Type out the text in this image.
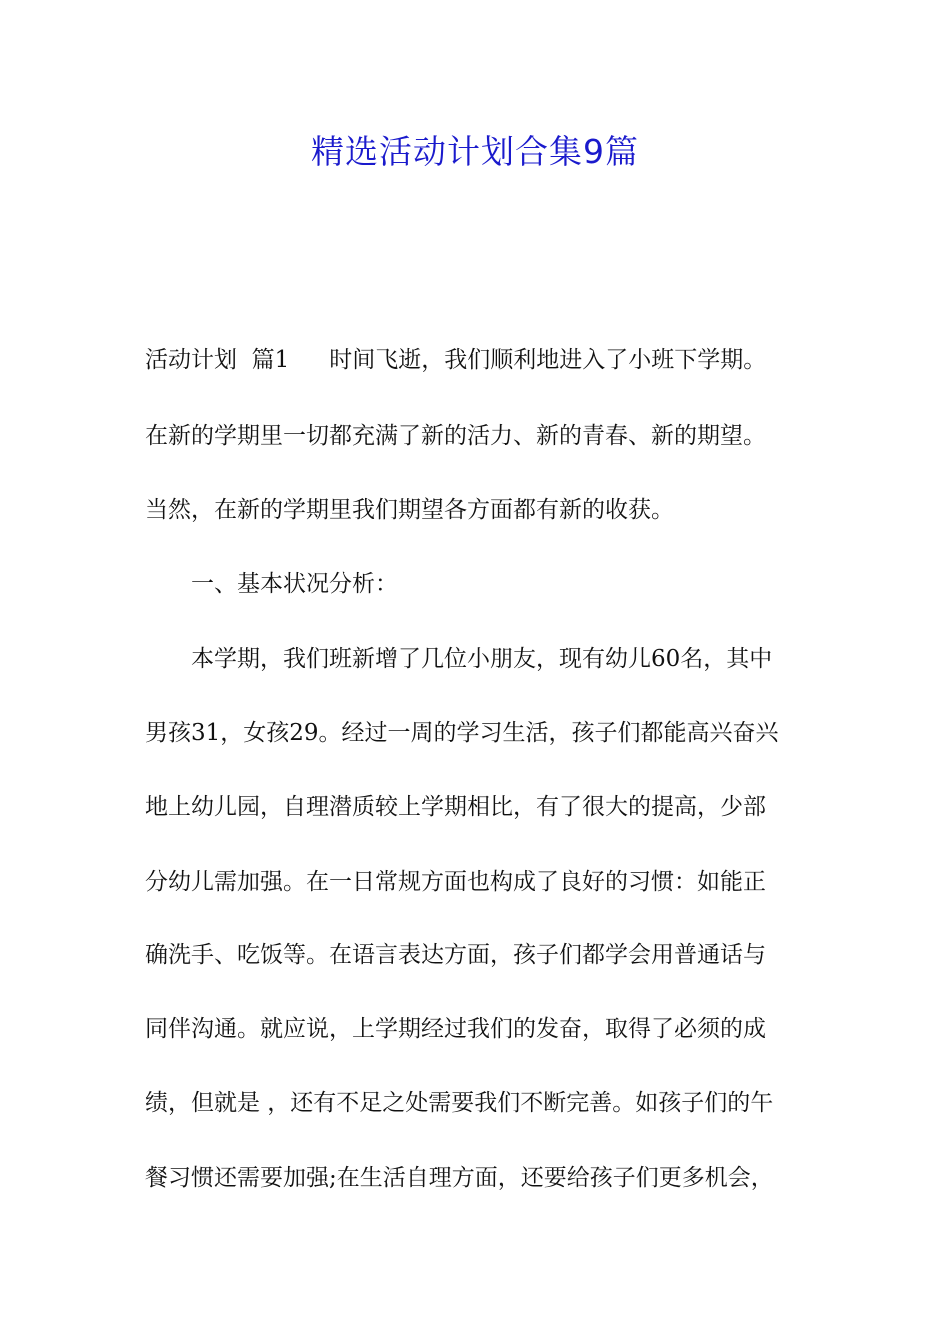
精选活动计划合集9篇
活动计划  篇1 时间飞逝，我们顺利地进入了小班下学期。
在新的学期里一切都充满了新的活力、新的青春、新的期望。
当然，在新的学期里我们期望各方面都有新的收获。
一、基本状况分析：
本学期，我们班新增了几位小朋友，现有幼儿60名，其中
男孩31，女孩29。经过一周的学习生活，孩子们都能高兴奋兴
地上幼儿园，自理潜质较上学期相比，有了很大的提高，少部
分幼儿需加强。在一日常规方面也构成了良好的习惯：如能正
确洗手、吃饭等。在语言表达方面，孩子们都学会用普通话与
同伴沟通。就应说，上学期经过我们的发奋，取得了必须的成
绩，但就是 ，还有不足之处需要我们不断完善。如孩子们的午
餐习惯还需要加强;在生活自理方面，还要给孩子们更多机会，
